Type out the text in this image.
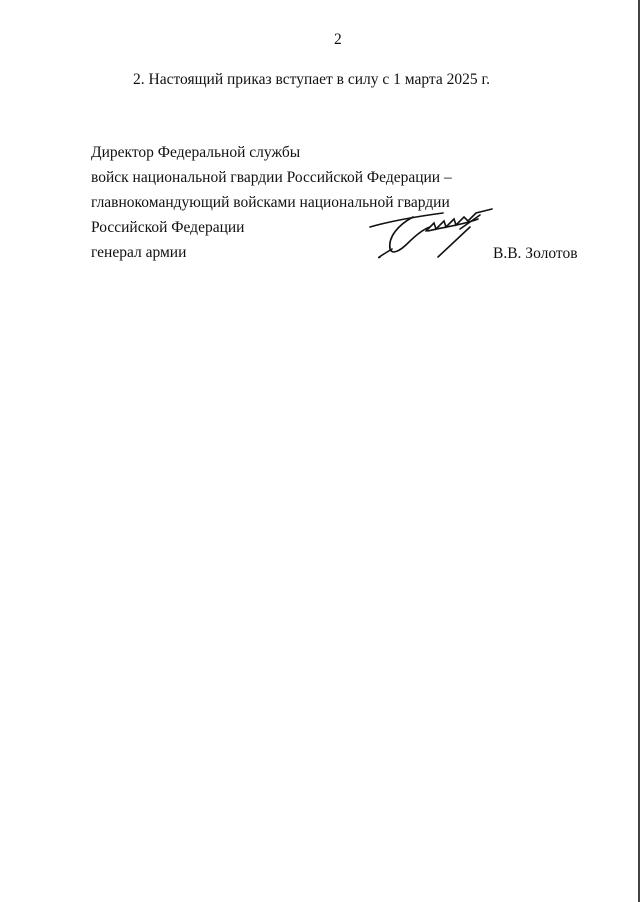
2
2. Настоящий приказ вступает в силу с 1 марта 2025 г.
Директор Федеральной службы
войск национальной гвардии Российской Федерации –
главнокомандующий войсками национальной гвардии
Российской Федерации
генерал армии	В.В. Золотов
